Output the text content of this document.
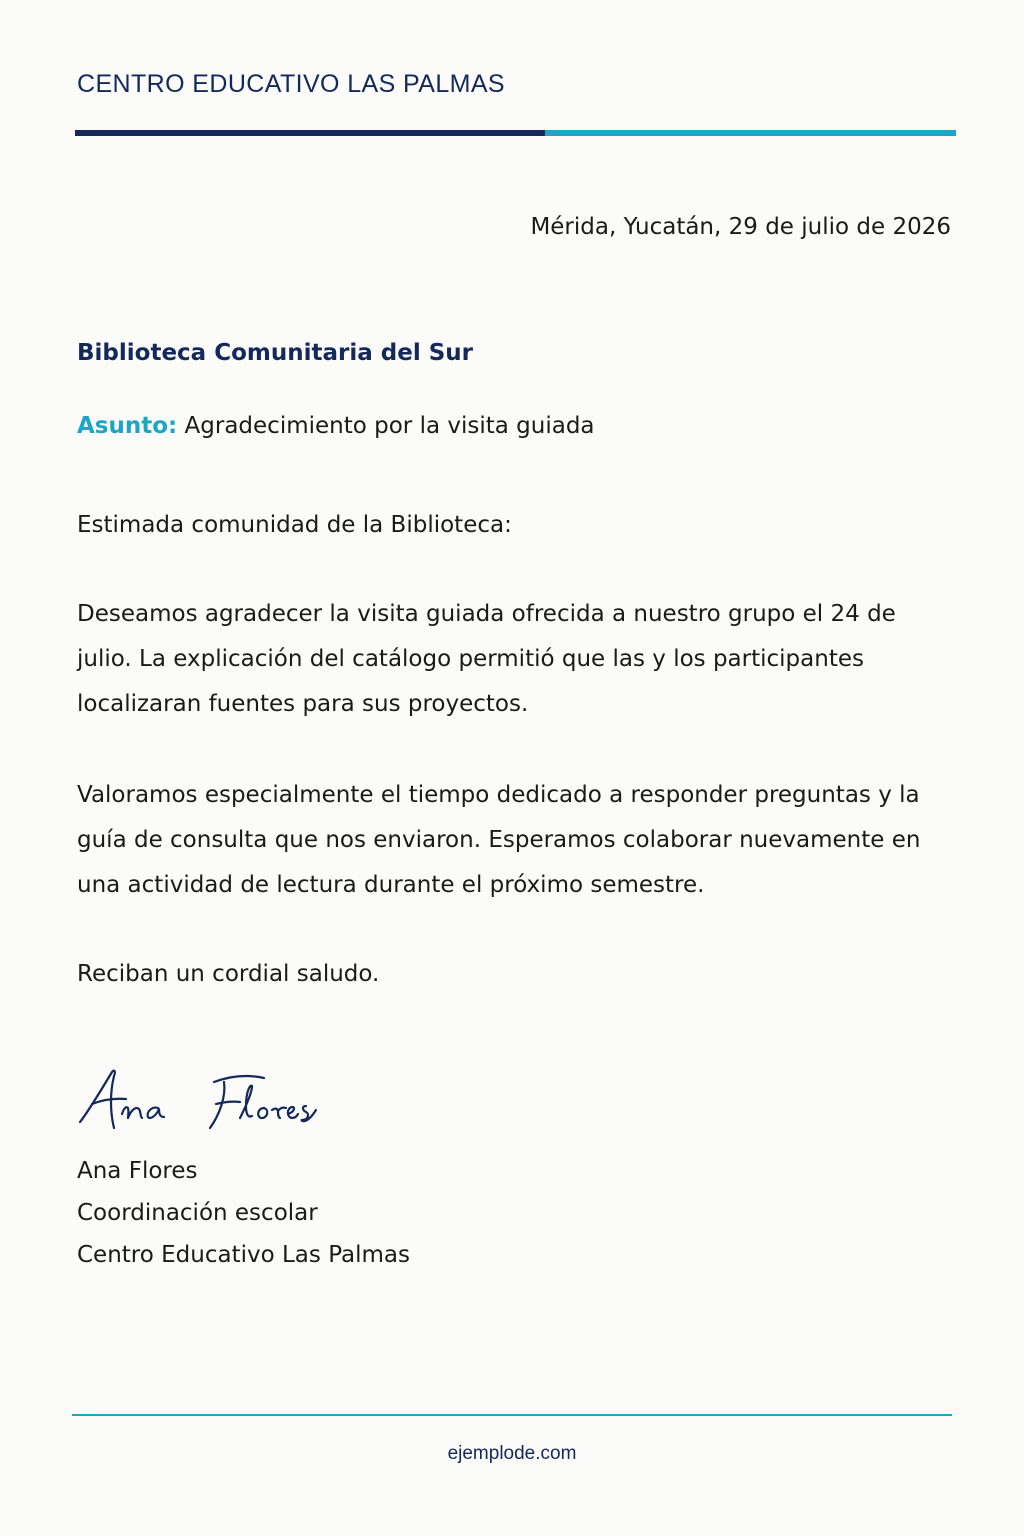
CENTRO EDUCATIVO LAS PALMAS
Mérida, Yucatán, 29 de julio de 2026
Biblioteca Comunitaria del Sur
Asunto: Agradecimiento por la visita guiada
Estimada comunidad de la Biblioteca:
Deseamos agradecer la visita guiada ofrecida a nuestro grupo el 24 de julio. La explicación del catálogo permitió que las y los participantes localizaran fuentes para sus proyectos.
Valoramos especialmente el tiempo dedicado a responder preguntas y la guía de consulta que nos enviaron. Esperamos colaborar nuevamente en una actividad de lectura durante el próximo semestre.
Reciban un cordial saludo.
Ana Flores
Coordinación escolar
Centro Educativo Las Palmas
ejemplode.com
